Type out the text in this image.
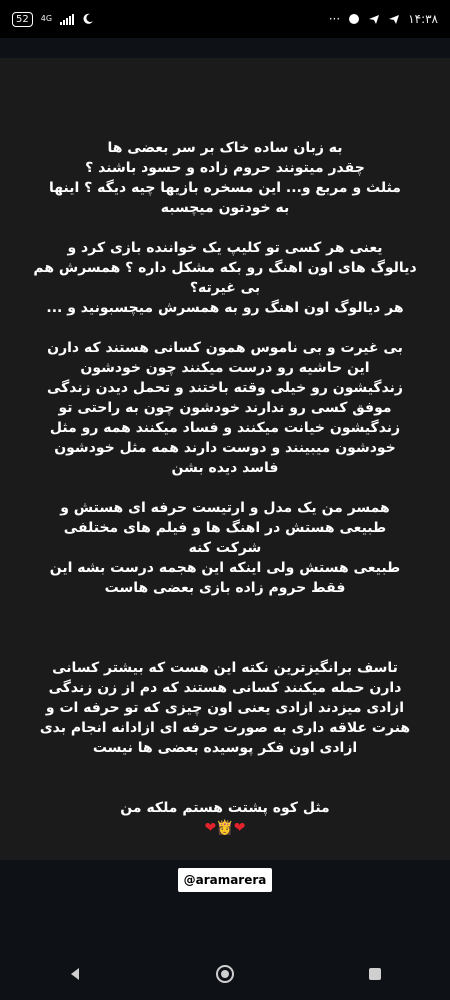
52	4G	···	۱۴:۳۸

به زبان ساده خاک بر سر بعضی ها
چقدر میتونند حروم زاده و حسود باشند ؟
مثلث و مربع و... این مسخره بازیها چیه دیگه ؟ اینها
به خودتون میچسبه

یعنی هر کسی تو کلیپ یک خواننده بازی کرد و
دیالوگ های اون اهنگ رو بکه مشکل داره ؟ همسرش هم
بی غیرته؟
هر دیالوگ اون اهنگ رو به همسرش میچسبونید و ...

بی غیرت و بی ناموس همون کسانی هستند که دارن
این حاشیه رو درست میکنند چون خودشون
زندگیشون رو خیلی وقته باختند و تحمل دیدن زندگی
موفق کسی رو ندارند خودشون چون به راحتی تو
زندگیشون خیانت میکنند و فساد میکنند همه رو مثل
خودشون میبینند و دوست دارند همه مثل خودشون
فاسد دیده بشن

همسر من یک مدل و ارتیست حرفه ای هستش و
طبیعی هستش در اهنگ ها و فیلم های مختلفی
شرکت کنه
طبیعی هستش ولی اینکه این هجمه درست بشه این
فقط حروم زاده بازی بعضی هاست

تاسف برانگیزترین نکته این هست که بیشتر کسانی
دارن حمله میکنند کسانی هستند که دم از زن زندگی
ازادی میزدند ازادی یعنی اون چیزی که تو حرفه ات و
هنرت علاقه داری به صورت حرفه ای ازادانه انجام بدی
ازادی اون فکر پوسیده بعضی ها نیست

مثل کوه پشتت هستم ملکه من
❤👸❤

@aramarera
